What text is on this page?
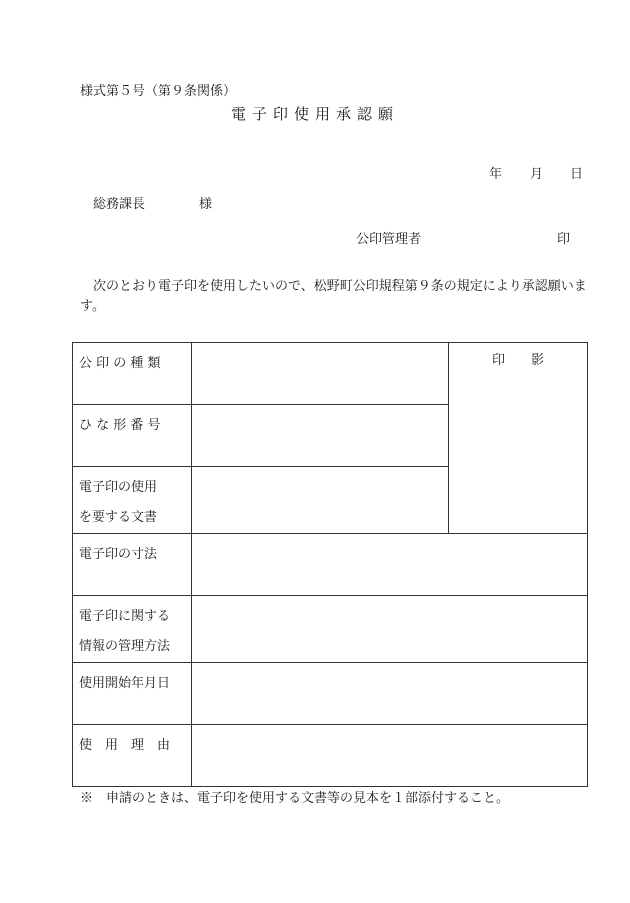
様式第５号（第９条関係）
電子印使用承認願
年 月 日
総務課長	様
公印管理者	印
次のとおり電子印を使用したいので、松野町公印規程第９条の規定により承認願います。
公 印 の 種 類		印　　影

ひ な 形 番 号		

電子印の使用
を要する文書		

電子印の寸法		

電子印に関する
情報の管理方法		

使用開始年月日		

使　用　理　由		

※　申請のときは、電子印を使用する文書等の見本を１部添付すること。
